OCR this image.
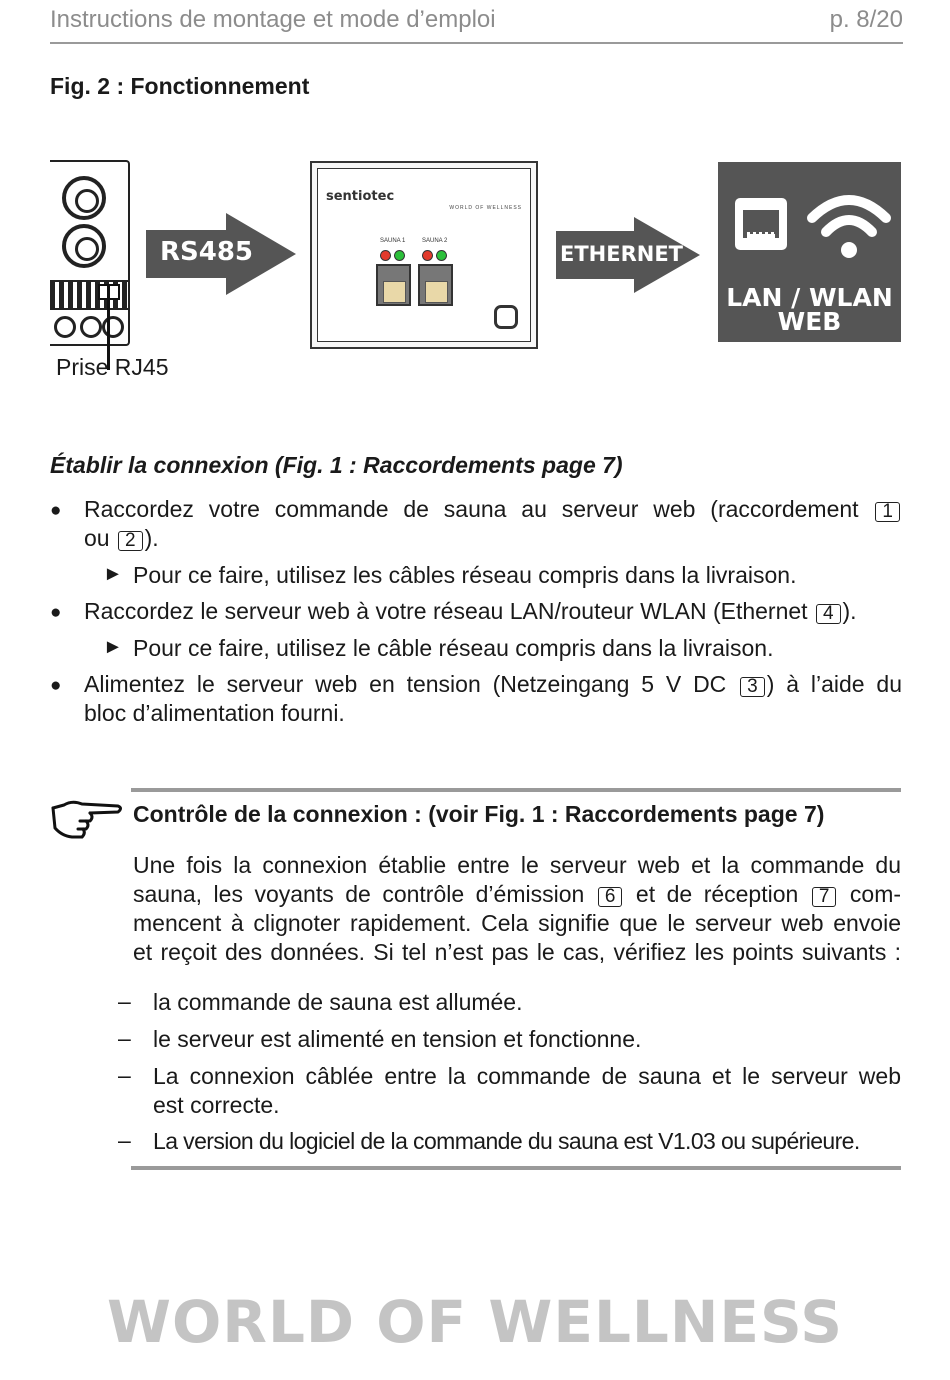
Instructions de montage et mode d’emploi	p. 8/20
Fig. 2 : Fonctionnement
Prise RJ45
RS485
sentiotec
WORLD OF WELLNESS
SAUNA 1	SAUNA 2
ETHERNET
LAN / WLAN
WEB
Établir la connexion (Fig. 1 : Raccordements page 7)
● Raccordez votre commande de sauna au serveur web (raccordement 1
ou 2 ).
► Pour ce faire, utilisez les câbles réseau compris dans la livraison.
● Raccordez le serveur web à votre réseau LAN/routeur WLAN (Ethernet 4 ).
► Pour ce faire, utilisez le câble réseau compris dans la livraison.
● Alimentez le serveur web en tension (Netzeingang 5 V DC 3 ) à l’aide du
bloc d’alimentation fourni.
Contrôle de la connexion : (voir Fig. 1 : Raccordements page 7)
Une fois la connexion établie entre le serveur web et la commande du
sauna, les voyants de contrôle d’émission 6 et de réception 7 com-
mencent à clignoter rapidement. Cela signifie que le serveur web envoie
et reçoit des données. Si tel n’est pas le cas, vérifiez les points suivants :
– la commande de sauna est allumée.
– le serveur est alimenté en tension et fonctionne.
– La connexion câblée entre la commande de sauna et le serveur web
est correcte.
– La version du logiciel de la commande du sauna est V1.03 ou supérieure.
WORLD OF WELLNESS
